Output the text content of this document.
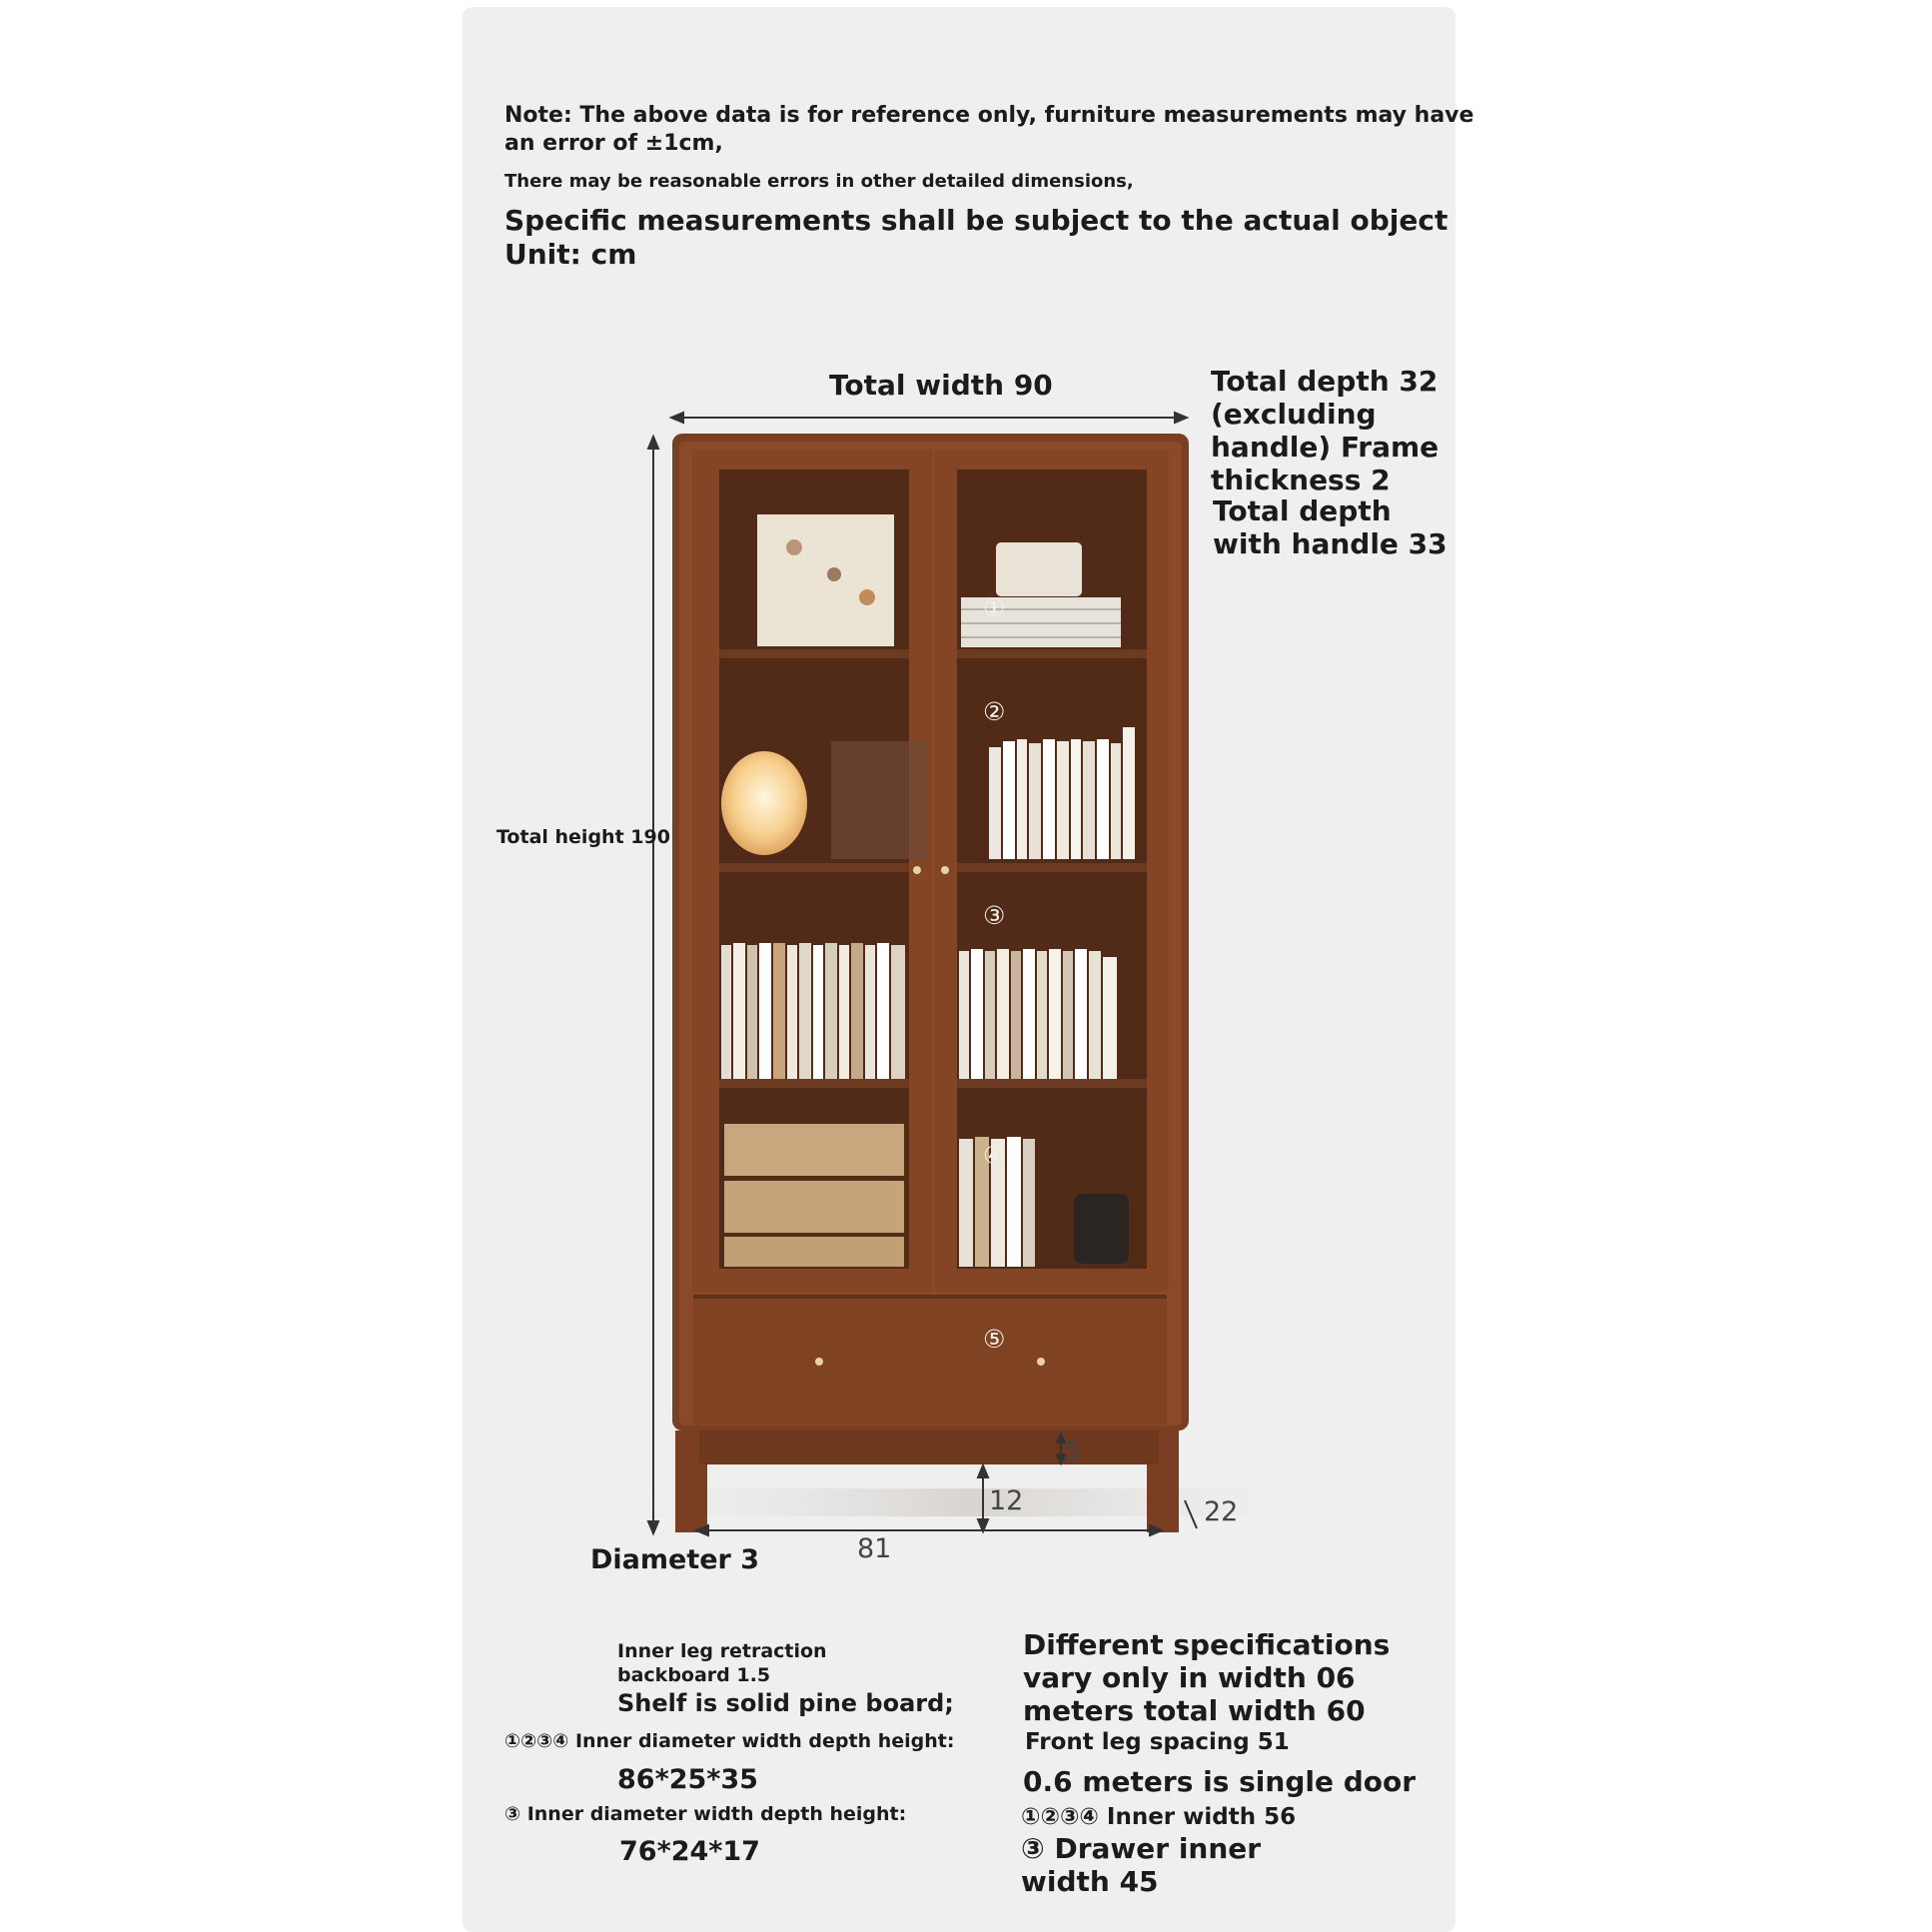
Note: The above data is for reference only, furniture measurements may have
an error of ±1cm,
There may be reasonable errors in other detailed dimensions,
Specific measurements shall be subject to the actual object
Unit: cm
①
②
③
④
⑤
Total width 90	Total depth 32
(excluding
handle) Frame
thickness 2
Total depth
with handle 33
Total height 190
Diameter 3	81
12
5
22
Inner leg retraction
backboard 1.5
Shelf is solid pine board;
①②③④ Inner diameter width depth height:
86*25*35
③ Inner diameter width depth height:
76*24*17
Different specifications
vary only in width 06
meters total width 60
Front leg spacing 51
0.6 meters is single door
①②③④ Inner width 56
③ Drawer inner
width 45
